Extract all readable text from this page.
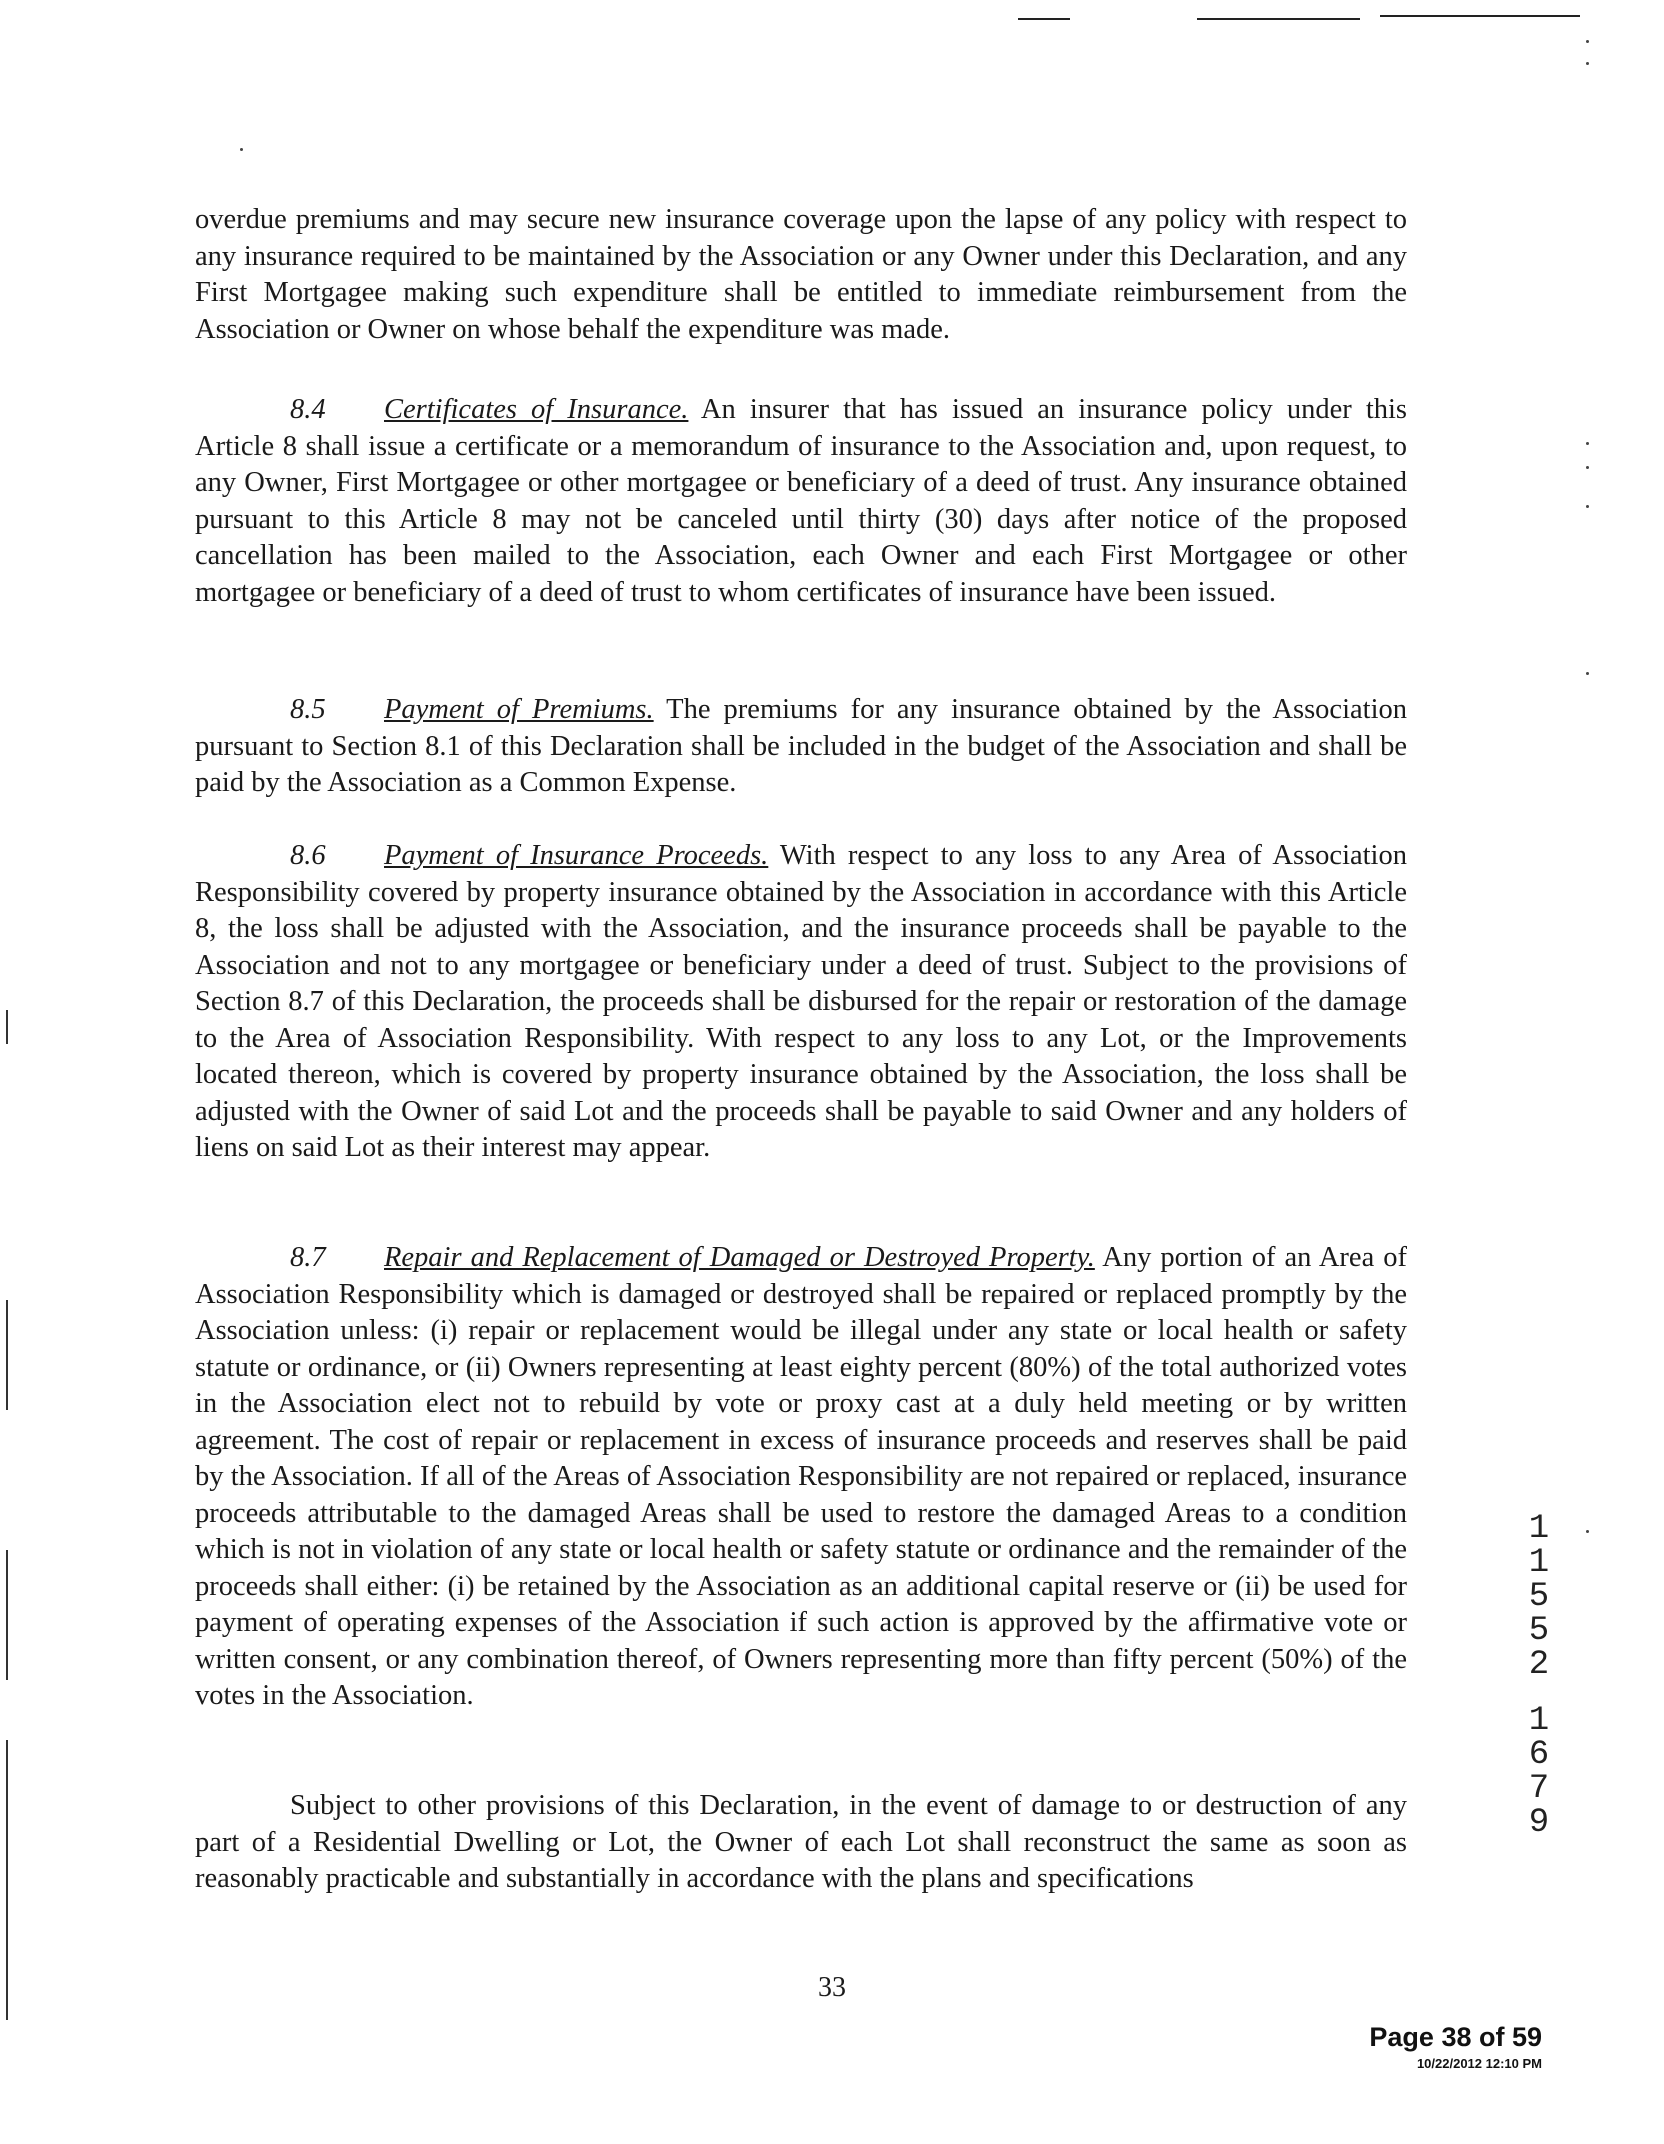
overdue premiums and may secure new insurance coverage upon the lapse of any policy with respect to any insurance required to be maintained by the Association or any Owner under this Declaration, and any First Mortgagee making such expenditure shall be entitled to immediate reimbursement from the Association or Owner on whose behalf the expenditure was made.

8.4 Certificates of Insurance. An insurer that has issued an insurance policy under this Article 8 shall issue a certificate or a memorandum of insurance to the Association and, upon request, to any Owner, First Mortgagee or other mortgagee or beneficiary of a deed of trust. Any insurance obtained pursuant to this Article 8 may not be canceled until thirty (30) days after notice of the proposed cancellation has been mailed to the Association, each Owner and each First Mortgagee or other mortgagee or beneficiary of a deed of trust to whom certificates of insurance have been issued.

8.5 Payment of Premiums. The premiums for any insurance obtained by the Association pursuant to Section 8.1 of this Declaration shall be included in the budget of the Association and shall be paid by the Association as a Common Expense.

8.6 Payment of Insurance Proceeds. With respect to any loss to any Area of Association Responsibility covered by property insurance obtained by the Association in accordance with this Article 8, the loss shall be adjusted with the Association, and the insurance proceeds shall be payable to the Association and not to any mortgagee or beneficiary under a deed of trust. Subject to the provisions of Section 8.7 of this Declaration, the proceeds shall be disbursed for the repair or restoration of the damage to the Area of Association Responsibility. With respect to any loss to any Lot, or the Improvements located thereon, which is covered by property insurance obtained by the Association, the loss shall be adjusted with the Owner of said Lot and the proceeds shall be payable to said Owner and any holders of liens on said Lot as their interest may appear.

8.7 Repair and Replacement of Damaged or Destroyed Property. Any portion of an Area of Association Responsibility which is damaged or destroyed shall be repaired or replaced promptly by the Association unless: (i) repair or replacement would be illegal under any state or local health or safety statute or ordinance, or (ii) Owners representing at least eighty percent (80%) of the total authorized votes in the Association elect not to rebuild by vote or proxy cast at a duly held meeting or by written agreement. The cost of repair or replacement in excess of insurance proceeds and reserves shall be paid by the Association. If all of the Areas of Association Responsibility are not repaired or replaced, insurance proceeds attributable to the damaged Areas shall be used to restore the damaged Areas to a condition which is not in violation of any state or local health or safety statute or ordinance and the remainder of the proceeds shall either: (i) be retained by the Association as an additional capital reserve or (ii) be used for payment of operating expenses of the Association if such action is approved by the affirmative vote or written consent, or any combination thereof, of Owners representing more than fifty percent (50%) of the votes in the Association.

Subject to other provisions of this Declaration, in the event of damage to or destruction of any part of a Residential Dwelling or Lot, the Owner of each Lot shall reconstruct the same as soon as reasonably practicable and substantially in accordance with the plans and specifications

33
Page 38 of 59
10/22/2012 12:10 PM
1
1
5
5
2
1
6
7
9
